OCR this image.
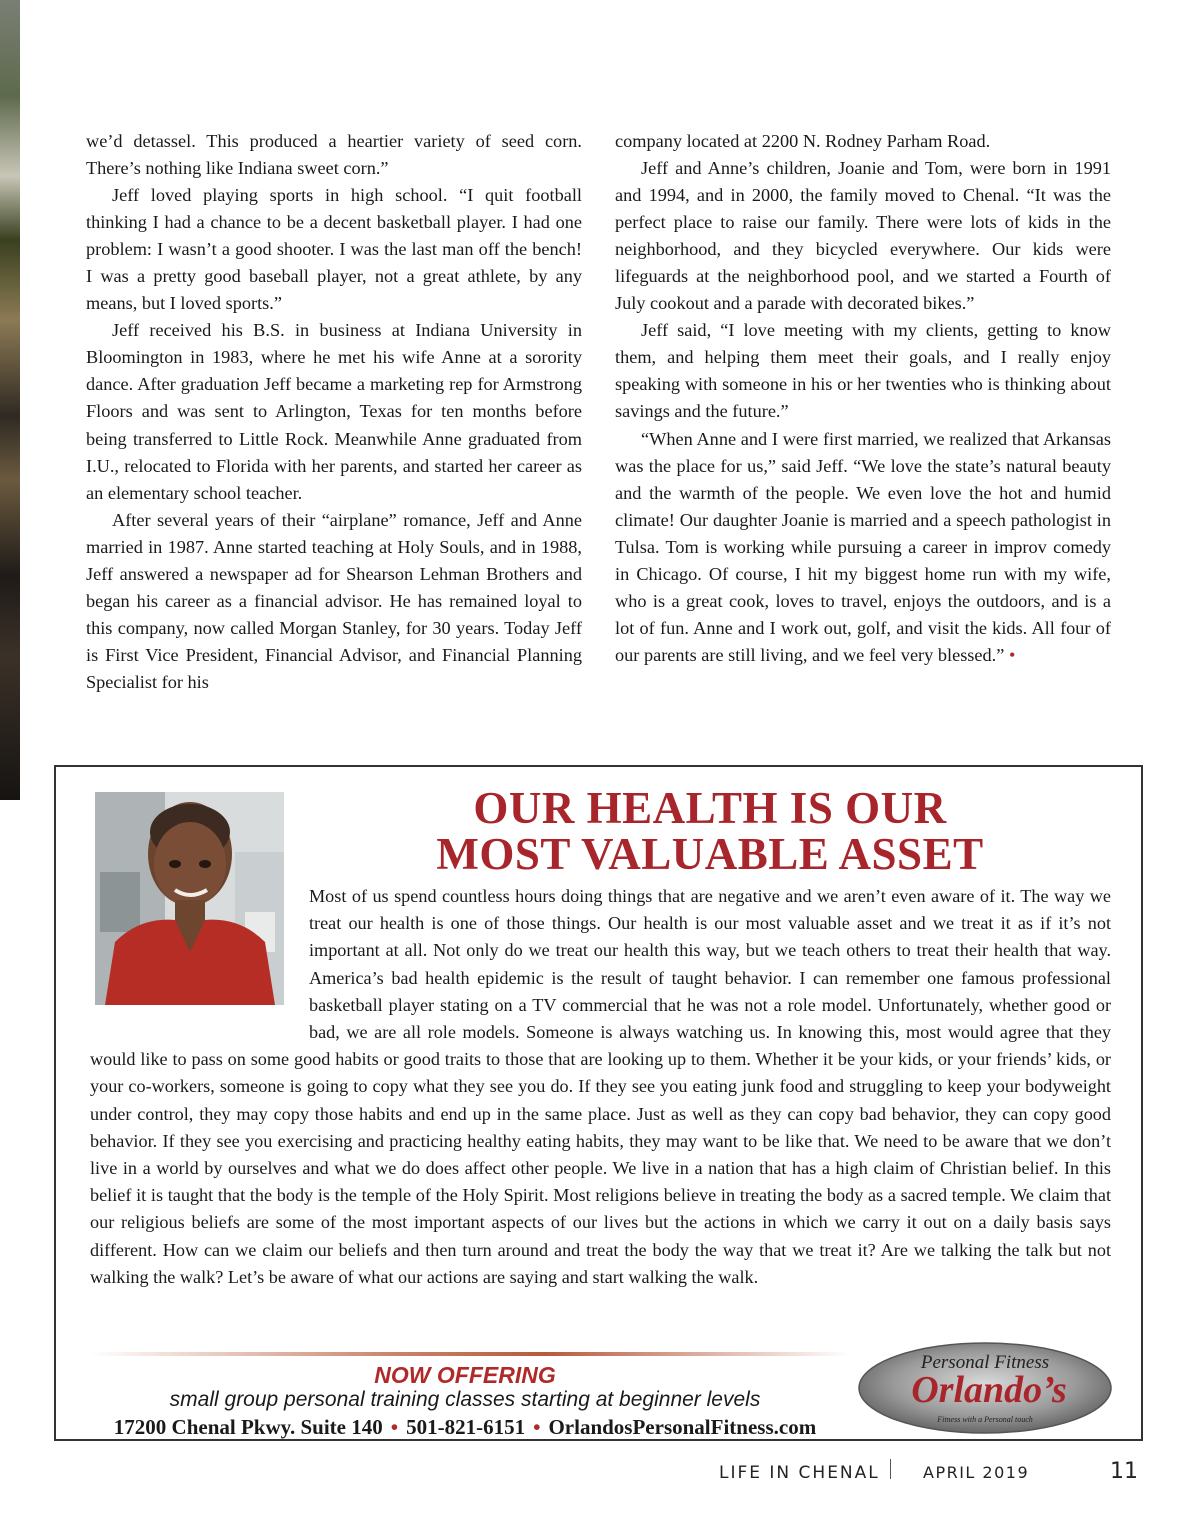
we’d detassel. This produced a heartier variety of seed corn. There’s nothing like Indiana sweet corn.”

Jeff loved playing sports in high school. “I quit football thinking I had a chance to be a decent basketball player. I had one problem: I wasn’t a good shooter. I was the last man off the bench! I was a pretty good baseball player, not a great athlete, by any means, but I loved sports.”

Jeff received his B.S. in business at Indiana University in Bloomington in 1983, where he met his wife Anne at a sorority dance. After graduation Jeff became a marketing rep for Armstrong Floors and was sent to Arlington, Texas for ten months before being transferred to Little Rock. Meanwhile Anne graduated from I.U., relocated to Florida with her parents, and started her career as an elementary school teacher.

After several years of their “airplane” romance, Jeff and Anne married in 1987. Anne started teaching at Holy Souls, and in 1988, Jeff answered a newspaper ad for Shearson Lehman Brothers and began his career as a financial advisor. He has remained loyal to this company, now called Morgan Stanley, for 30 years. Today Jeff is First Vice President, Financial Advisor, and Financial Planning Specialist for his

company located at 2200 N. Rodney Parham Road.

Jeff and Anne’s children, Joanie and Tom, were born in 1991 and 1994, and in 2000, the family moved to Chenal. “It was the perfect place to raise our family. There were lots of kids in the neighborhood, and they bicycled everywhere. Our kids were lifeguards at the neighborhood pool, and we started a Fourth of July cookout and a parade with decorated bikes.”

Jeff said, “I love meeting with my clients, getting to know them, and helping them meet their goals, and I really enjoy speaking with someone in his or her twenties who is thinking about savings and the future.”

“When Anne and I were first married, we realized that Arkansas was the place for us,” said Jeff. “We love the state’s natural beauty and the warmth of the people. We even love the hot and humid climate! Our daughter Joanie is married and a speech pathologist in Tulsa. Tom is working while pursuing a career in improv comedy in Chicago. Of course, I hit my biggest home run with my wife, who is a great cook, loves to travel, enjoys the outdoors, and is a lot of fun. Anne and I work out, golf, and visit the kids. All four of our parents are still living, and we feel very blessed.” •

OUR HEALTH IS OUR
MOST VALUABLE ASSET
Most of us spend countless hours doing things that are negative and we aren’t even aware of it. The way we treat our health is one of those things. Our health is our most valuable asset and we treat it as if it’s not important at all. Not only do we treat our health this way, but we teach others to treat their health that way. America’s bad health epidemic is the result of taught behavior. I can remember one famous professional basketball player stating on a TV commercial that he was not a role model. Unfortunately, whether good or bad, we are all role models. Someone is always watching us. In knowing this, most would agree that they would like to pass on some good habits or good traits to those that are looking up to them. Whether it be your kids, or your friends’ kids, or your co-workers, someone is going to copy what they see you do. If they see you eating junk food and struggling to keep your bodyweight under control, they may copy those habits and end up in the same place. Just as well as they can copy bad behavior, they can copy good behavior. If they see you exercising and practicing healthy eating habits, they may want to be like that. We need to be aware that we don’t live in a world by ourselves and what we do does affect other people. We live in a nation that has a high claim of Christian belief. In this belief it is taught that the body is the temple of the Holy Spirit. Most religions believe in treating the body as a sacred temple. We claim that our religious beliefs are some of the most important aspects of our lives but the actions in which we carry it out on a daily basis says different. How can we claim our beliefs and then turn around and treat the body the way that we treat it? Are we talking the talk but not walking the walk? Let’s be aware of what our actions are saying and start walking the walk.
NOW OFFERING
small group personal training classes starting at beginner levels
17200 Chenal Pkwy. Suite 140 • 501-821-6151 • OrlandosPersonalFitness.com
Personal Fitness
Orlando’s
Fitness with a Personal touch
LIFE IN CHENAL	APRIL 2019	11
